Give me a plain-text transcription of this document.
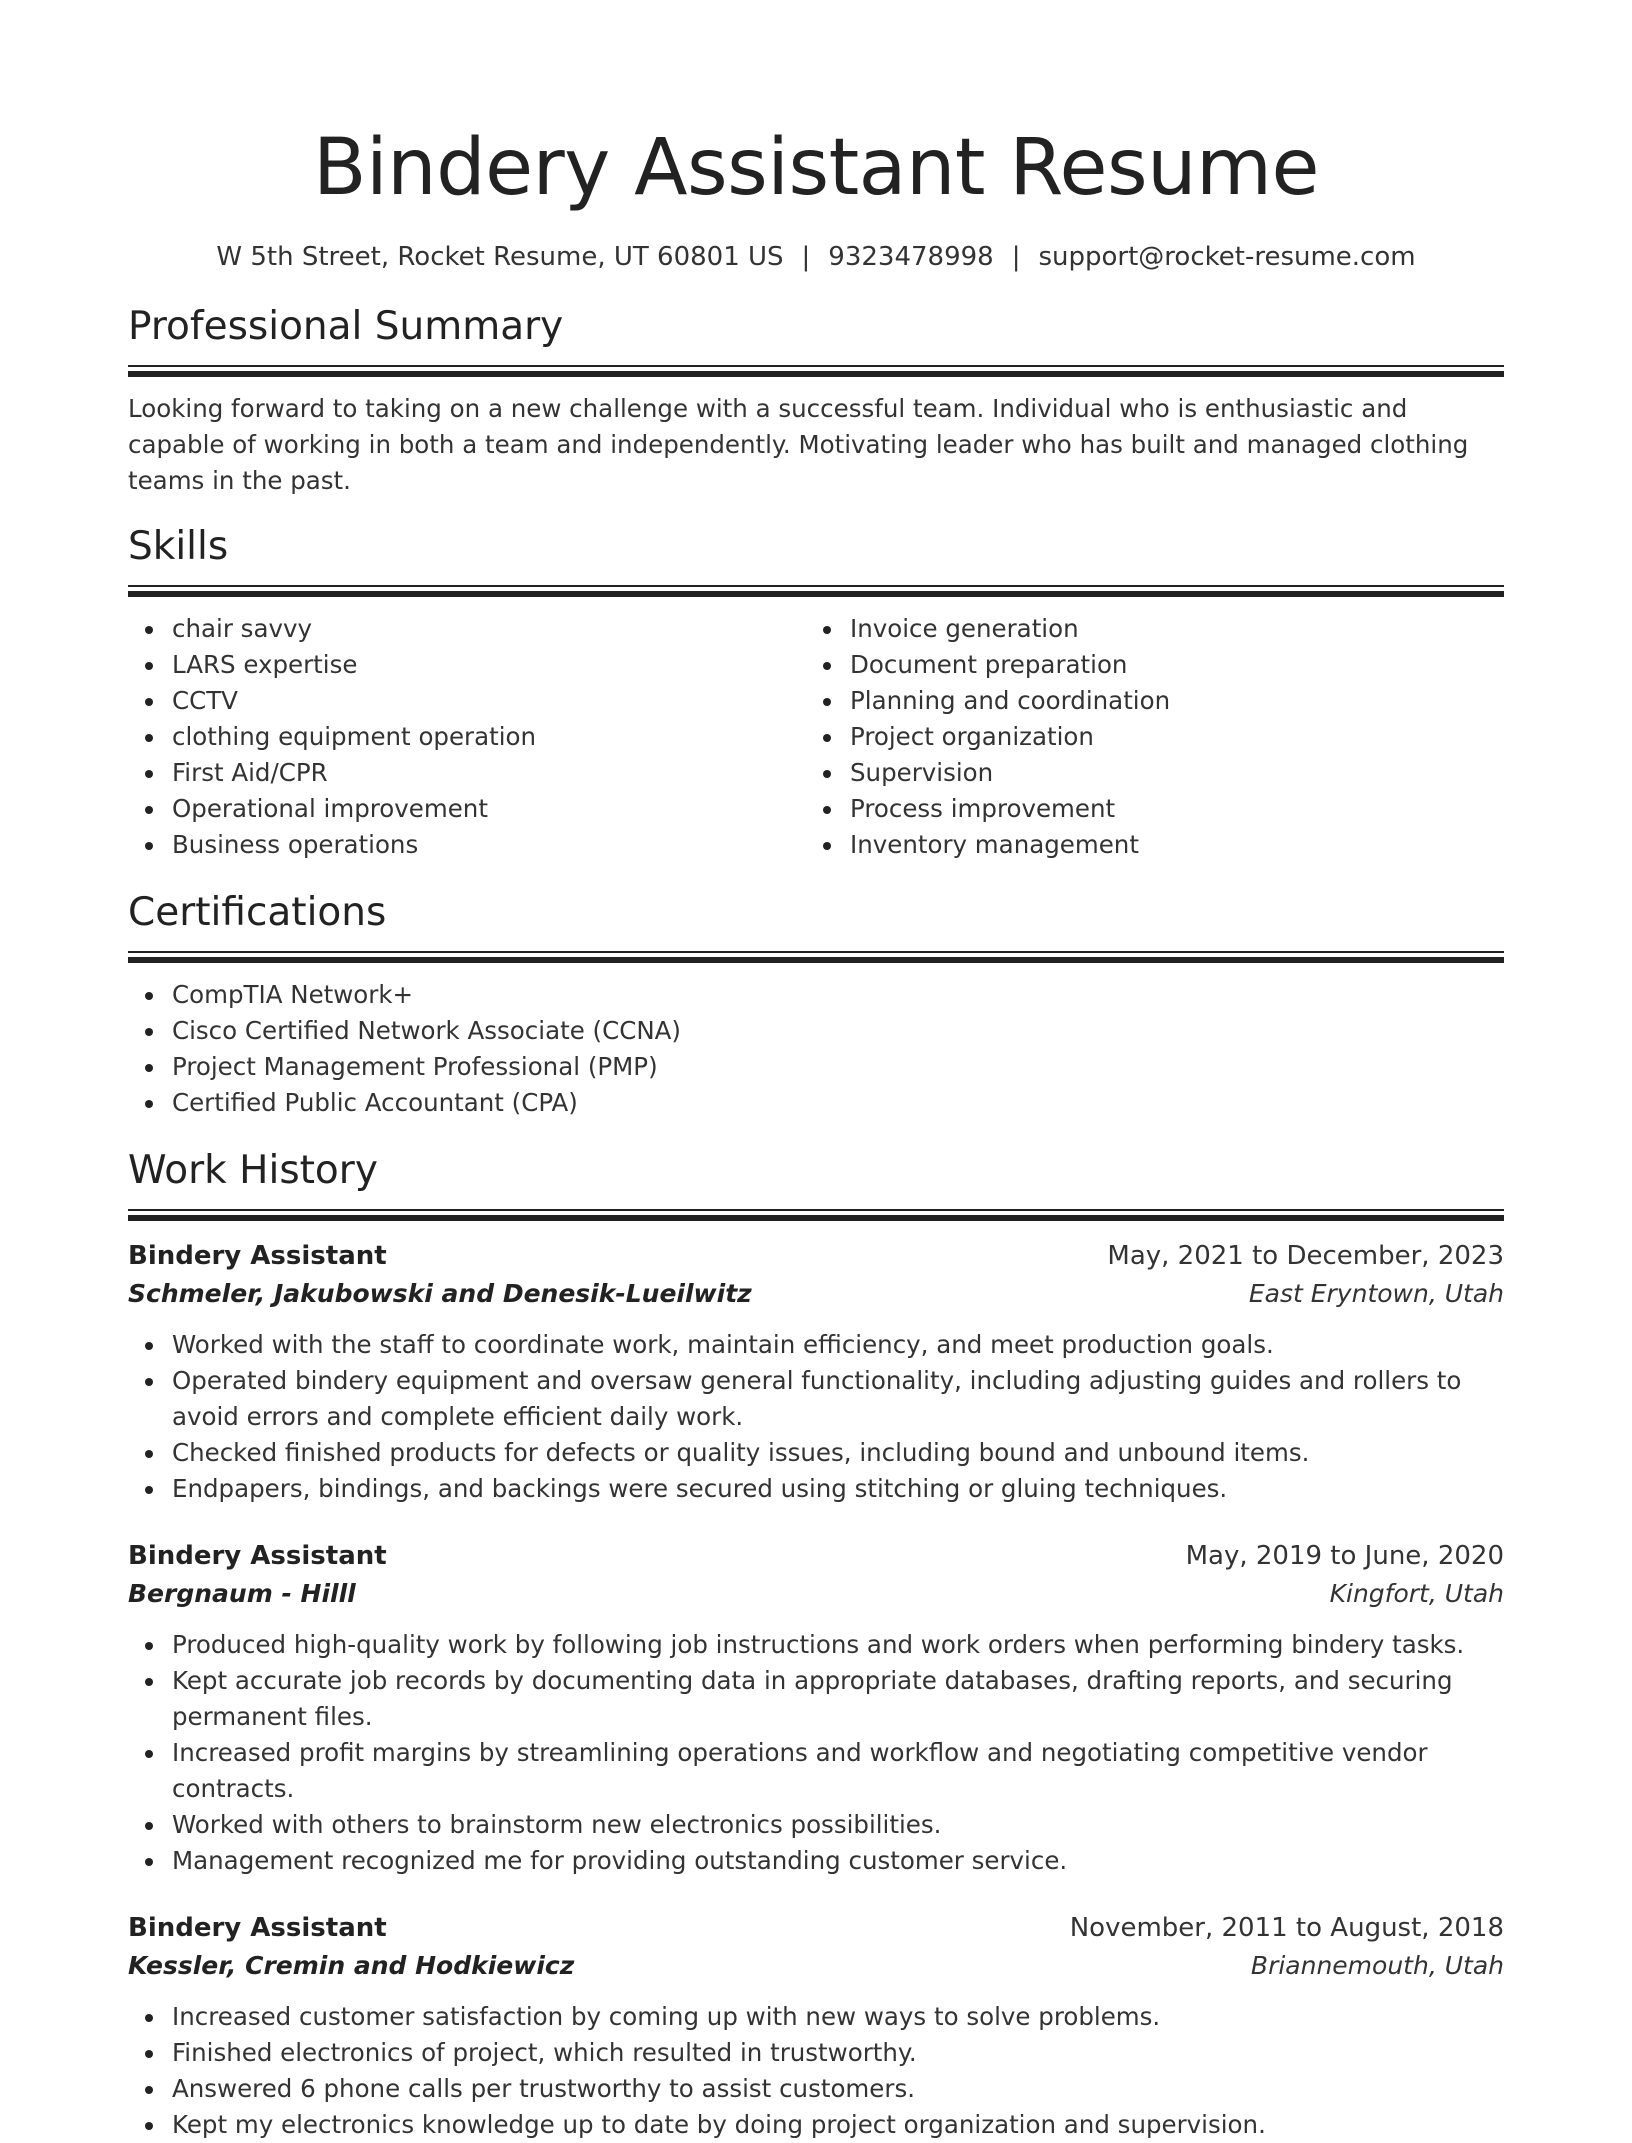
Bindery Assistant Resume
W 5th Street, Rocket Resume, UT 60801 US | 9323478998 | support@rocket-resume.com
Professional Summary

Looking forward to taking on a new challenge with a successful team. Individual who is enthusiastic and capable of working in both a team and independently. Motivating leader who has built and managed clothing teams in the past.

Skills
chair savvy
LARS expertise
CCTV
clothing equipment operation
First Aid/CPR
Operational improvement
Business operations
Invoice generation
Document preparation
Planning and coordination
Project organization
Supervision
Process improvement
Inventory management
Certifications
CompTIA Network+
Cisco Certified Network Associate (CCNA)
Project Management Professional (PMP)
Certified Public Accountant (CPA)
Work History
Bindery Assistant	May, 2021 to December, 2023
Schmeler, Jakubowski and Denesik-Lueilwitz	East Eryntown, Utah
Worked with the staff to coordinate work, maintain efficiency, and meet production goals.
Operated bindery equipment and oversaw general functionality, including adjusting guides and rollers to avoid errors and complete efficient daily work.
Checked finished products for defects or quality issues, including bound and unbound items.
Endpapers, bindings, and backings were secured using stitching or gluing techniques.
Bindery Assistant	May, 2019 to June, 2020
Bergnaum - Hilll	Kingfort, Utah
Produced high-quality work by following job instructions and work orders when performing bindery tasks.
Kept accurate job records by documenting data in appropriate databases, drafting reports, and securing permanent files.
Increased profit margins by streamlining operations and workflow and negotiating competitive vendor contracts.
Worked with others to brainstorm new electronics possibilities.
Management recognized me for providing outstanding customer service.
Bindery Assistant	November, 2011 to August, 2018
Kessler, Cremin and Hodkiewicz	Briannemouth, Utah
Increased customer satisfaction by coming up with new ways to solve problems.
Finished electronics of project, which resulted in trustworthy.
Answered 6 phone calls per trustworthy to assist customers.
Kept my electronics knowledge up to date by doing project organization and supervision.
